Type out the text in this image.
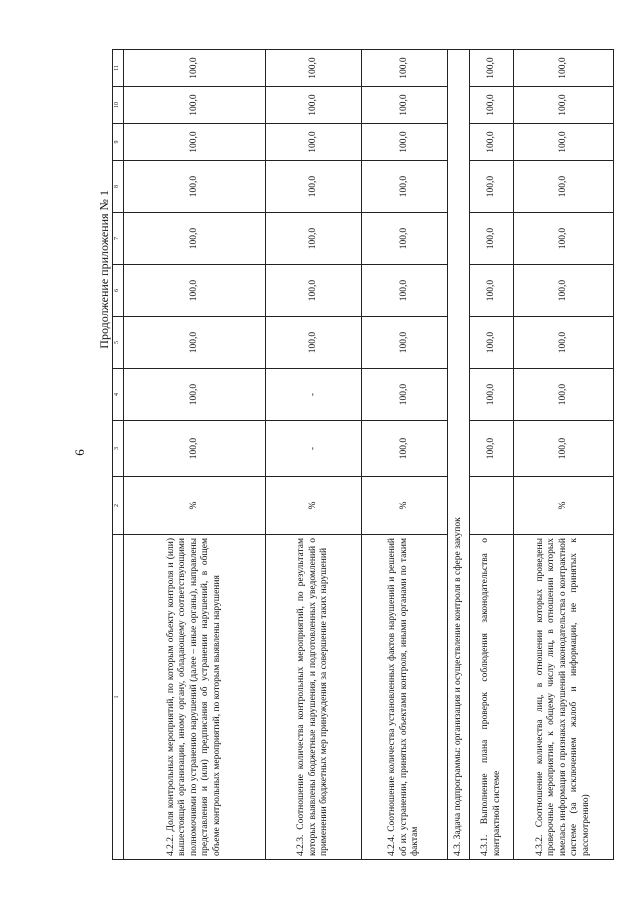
6
Продолжение приложения № 1
1	2	3	4	5	6	7	8	9	10	11
4.2.2. Доля контрольных мероприятий, по которым объекту контроля и (или) вышестоящей организации, иному органу, обладающему соответствующими полномочиями по устранению нарушений (далее – иные органы), направлены представления и (или) предписания об устранении нарушений, в общем объеме контрольных мероприятий, по которым выявлены нарушения	%	100,0	100,0	100,0	100,0	100,0	100,0	100,0	100,0	100,0
4.2.3. Соотношение количества контрольных мероприятий, по результатам которых выявлены бюджетные нарушения, и подготовленных уведомлений о применении бюджетных мер принуждения за совершение таких нарушений	%	-	-	100,0	100,0	100,0	100,0	100,0	100,0	100,0
4.2.4. Соотношение количества установленных фактов нарушений и решений об их устранении, принятых объектами контроля, иными органами по таким фактам	%	100,0	100,0	100,0	100,0	100,0	100,0	100,0	100,0	100,0
4.3. Задача подпрограммы: организация и осуществление контроля в сфере закупок										
4.3.1. Выполнение плана проверок соблюдения законодательства о контрактной системе		100,0	100,0	100,0	100,0	100,0	100,0	100,0	100,0	100,0
4.3.2. Соотношение количества лиц, в отношении которых проведены проверочные мероприятия, к общему числу лиц, в отношении которых имелась информация о признаках нарушений законодательства о контрактной системе (за исключением жалоб и информации, не принятых к рассмотрению)	%	100,0	100,0	100,0	100,0	100,0	100,0	100,0	100,0	100,0
